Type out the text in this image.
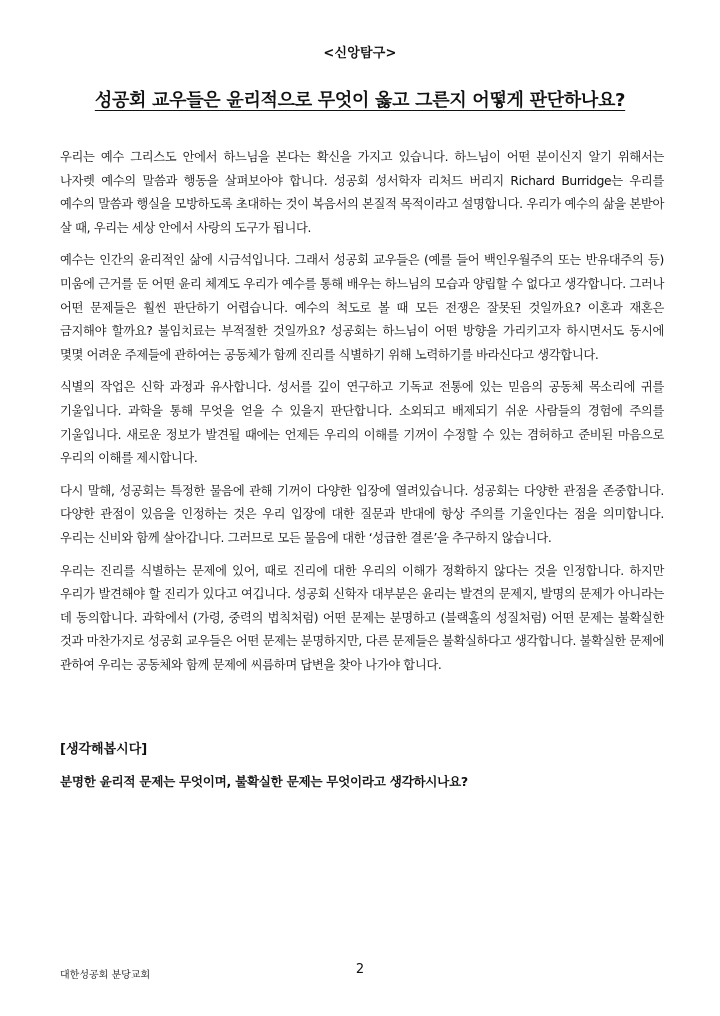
<신앙탐구>
성공회 교우들은 윤리적으로 무엇이 옳고 그른지 어떻게 판단하나요?

우리는 예수 그리스도 안에서 하느님을 본다는 확신을 가지고 있습니다. 하느님이 어떤 분이신지 알기 위해서는 나자렛 예수의 말씀과 행동을 살펴보아야 합니다. 성공회 성서학자 리처드 버리지 Richard Burridge는 우리를 예수의 말씀과 행실을 모방하도록 초대하는 것이 복음서의 본질적 목적이라고 설명합니다. 우리가 예수의 삶을 본받아 살 때, 우리는 세상 안에서 사랑의 도구가 됩니다.

예수는 인간의 윤리적인 삶에 시금석입니다. 그래서 성공회 교우들은 (예를 들어 백인우월주의 또는 반유대주의 등) 미움에 근거를 둔 어떤 윤리 체계도 우리가 예수를 통해 배우는 하느님의 모습과 양립할 수 없다고 생각합니다. 그러나 어떤 문제들은 훨씬 판단하기 어렵습니다. 예수의 척도로 볼 때 모든 전쟁은 잘못된 것일까요? 이혼과 재혼은 금지해야 할까요? 불임치료는 부적절한 것일까요? 성공회는 하느님이 어떤 방향을 가리키고자 하시면서도 동시에 몇몇 어려운 주제들에 관하여는 공동체가 함께 진리를 식별하기 위해 노력하기를 바라신다고 생각합니다.

식별의 작업은 신학 과정과 유사합니다. 성서를 깊이 연구하고 기독교 전통에 있는 믿음의 공동체 목소리에 귀를 기울입니다. 과학을 통해 무엇을 얻을 수 있을지 판단합니다. 소외되고 배제되기 쉬운 사람들의 경험에 주의를 기울입니다. 새로운 정보가 발견될 때에는 언제든 우리의 이해를 기꺼이 수정할 수 있는 겸허하고 준비된 마음으로 우리의 이해를 제시합니다.

다시 말해, 성공회는 특정한 물음에 관해 기꺼이 다양한 입장에 열려있습니다. 성공회는 다양한 관점을 존중합니다. 다양한 관점이 있음을 인정하는 것은 우리 입장에 대한 질문과 반대에 항상 주의를 기울인다는 점을 의미합니다. 우리는 신비와 함께 살아갑니다. 그러므로 모든 물음에 대한 ‘성급한 결론’을 추구하지 않습니다.

우리는 진리를 식별하는 문제에 있어, 때로 진리에 대한 우리의 이해가 정확하지 않다는 것을 인정합니다. 하지만 우리가 발견해야 할 진리가 있다고 여깁니다. 성공회 신학자 대부분은 윤리는 발견의 문제지, 발명의 문제가 아니라는 데 동의합니다. 과학에서 (가령, 중력의 법칙처럼) 어떤 문제는 분명하고 (블랙홀의 성질처럼) 어떤 문제는 불확실한 것과 마찬가지로 성공회 교우들은 어떤 문제는 분명하지만, 다른 문제들은 불확실하다고 생각합니다. 불확실한 문제에 관하여 우리는 공동체와 함께 문제에 씨름하며 답변을 찾아 나가야 합니다.

[생각해봅시다]
분명한 윤리적 문제는 무엇이며, 불확실한 문제는 무엇이라고 생각하시나요?
대한성공회 분당교회	2
